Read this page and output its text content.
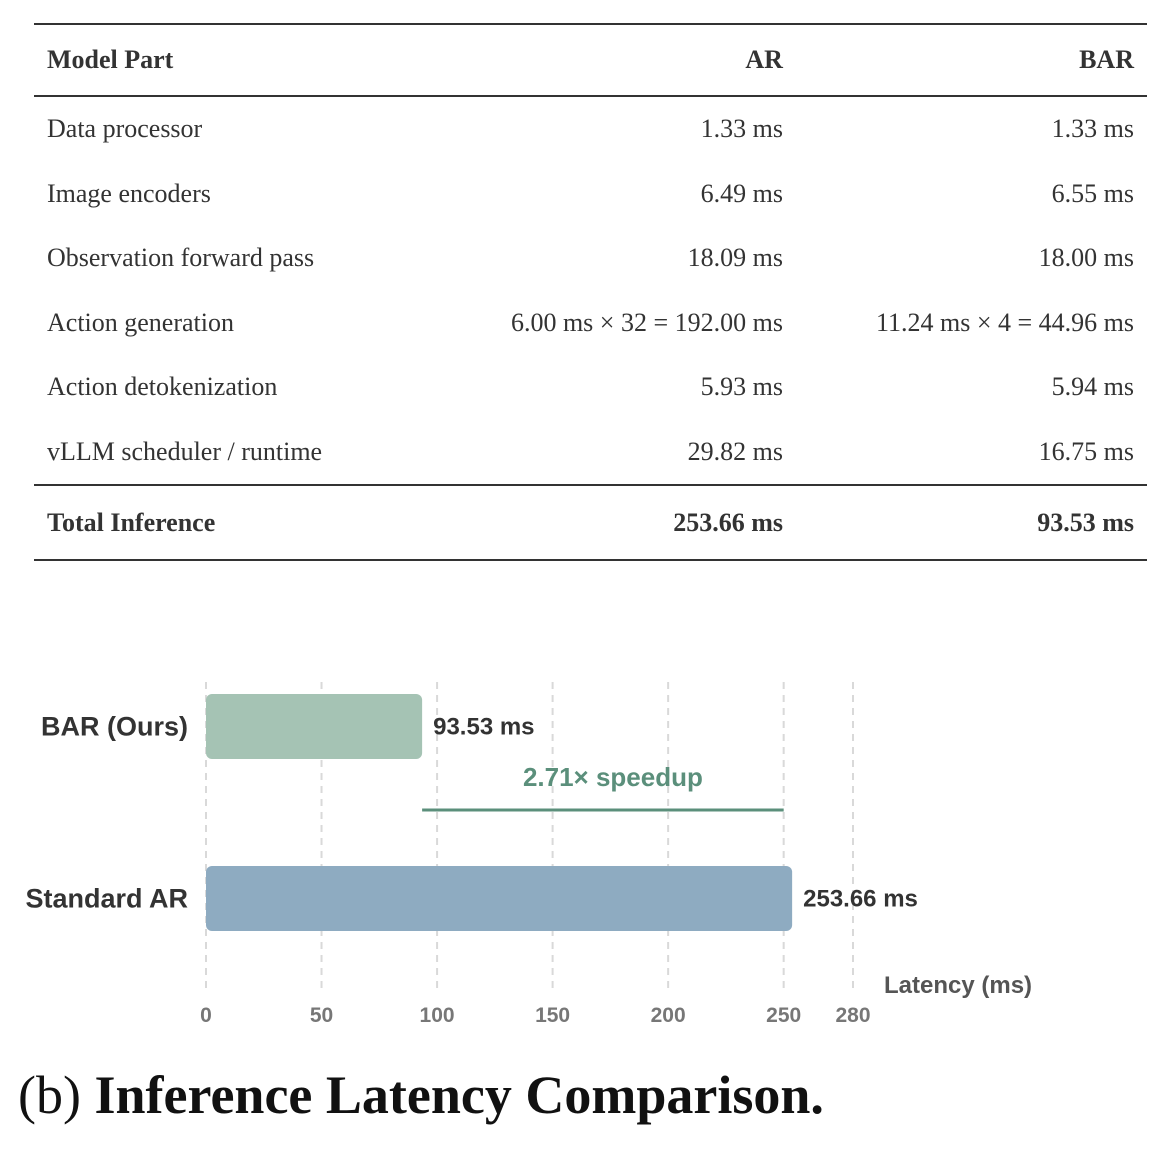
Model Part	AR	BAR
Data processor	1.33 ms	1.33 ms
Image encoders	6.49 ms	6.55 ms
Observation forward pass	18.09 ms	18.00 ms
Action generation	6.00 ms × 32 = 192.00 ms	11.24 ms × 4 = 44.96 ms
Action detokenization	5.93 ms	5.94 ms
vLLM scheduler / runtime	29.82 ms	16.75 ms
Total Inference	253.66 ms	93.53 ms
BAR (Ours)	93.53 ms
Standard AR	253.66 ms
2.71× speedup
0	50	100	150	200	250 280
Latency (ms)
(b) Inference Latency Comparison.
